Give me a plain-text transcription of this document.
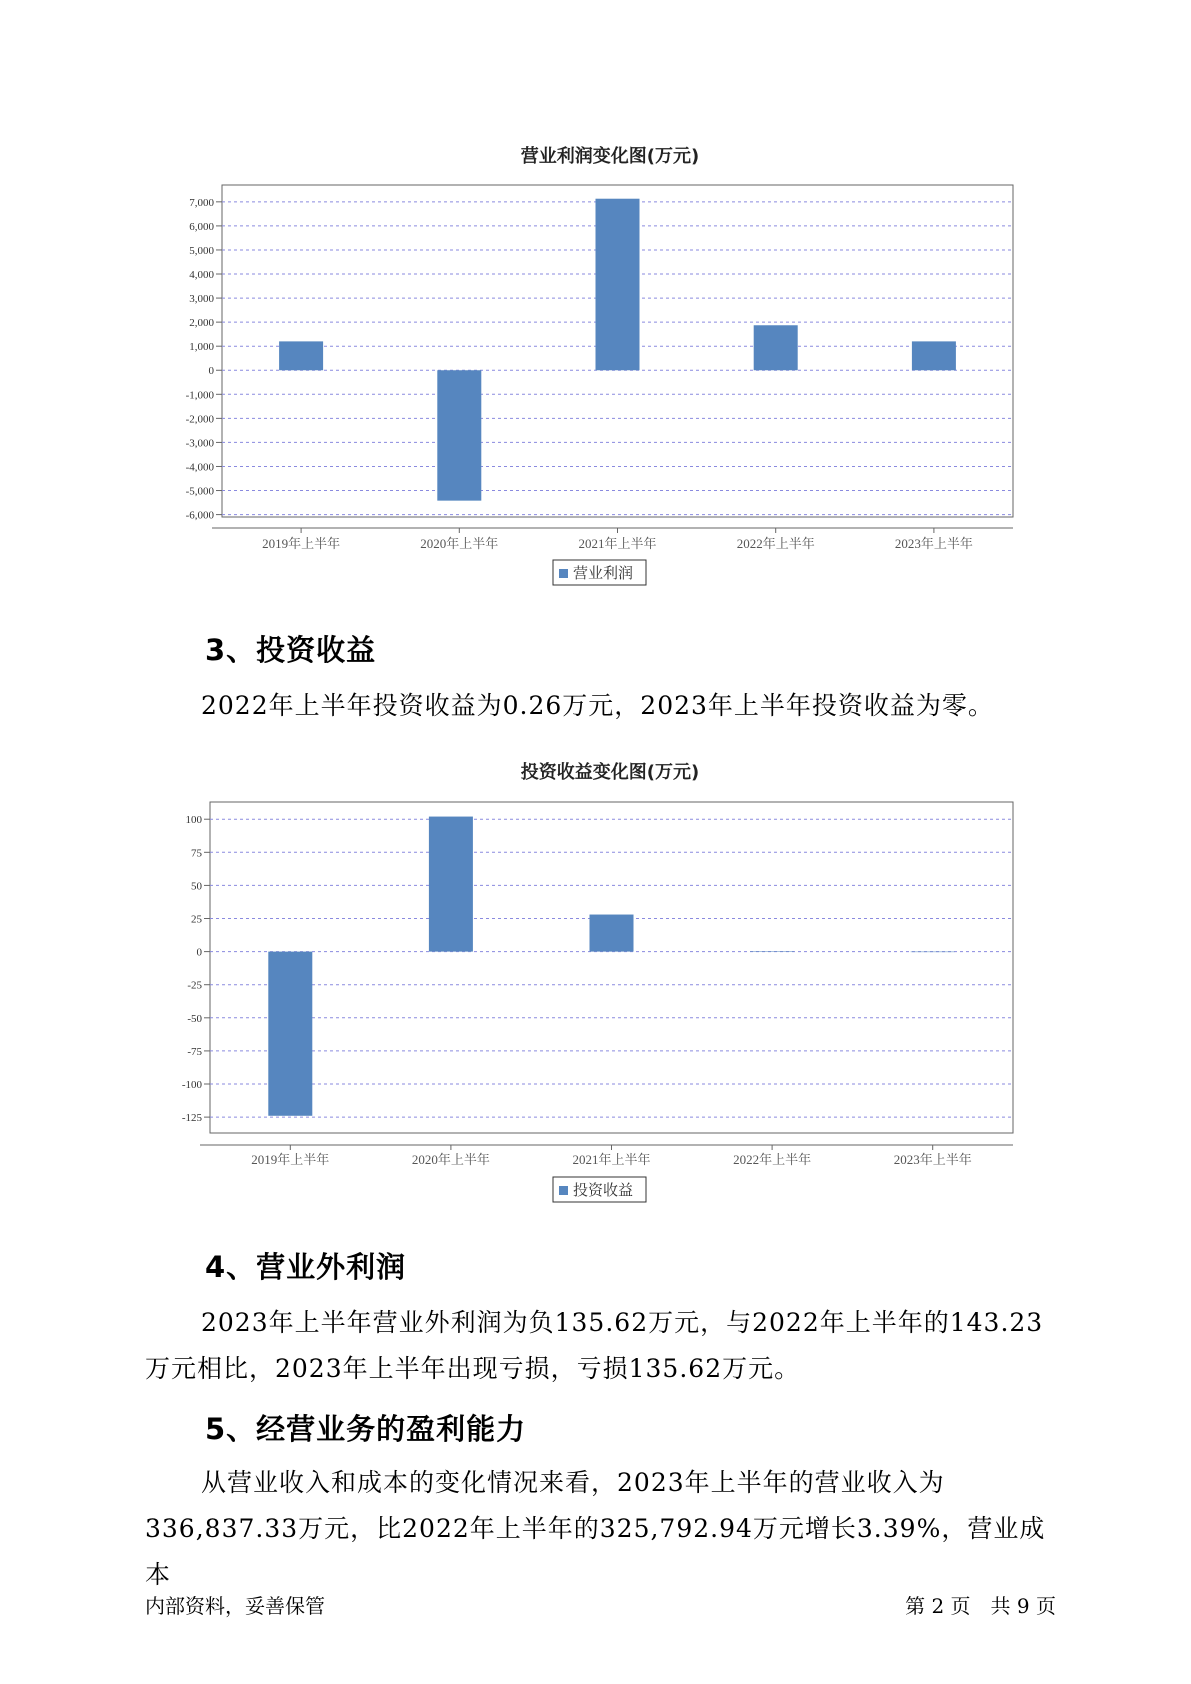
营业利润变化图(万元)
7,000
6,000
5,000
4,000
3,000
2,000
1,000
0
-1,000
-2,000
-3,000
-4,000
-5,000
-6,000
2019年上半年	2020年上半年	2021年上半年	2022年上半年	2023年上半年
营业利润
3、投资收益

2022年上半年投资收益为0.26万元，2023年上半年投资收益为零。

投资收益变化图(万元)
100
75
50
25
0
-25
-50
-75
-100
-125
2019年上半年	2020年上半年	2021年上半年	2022年上半年	2023年上半年
投资收益
4、营业外利润

2023年上半年营业外利润为负135.62万元，与2022年上半年的143.23万元相比，2023年上半年出现亏损，亏损135.62万元。

5、经营业务的盈利能力

从营业收入和成本的变化情况来看，2023年上半年的营业收入为336,837.33万元，比2022年上半年的325,792.94万元增长3.39%，营业成本

内部资料，妥善保管	第 2 页　共 9 页
